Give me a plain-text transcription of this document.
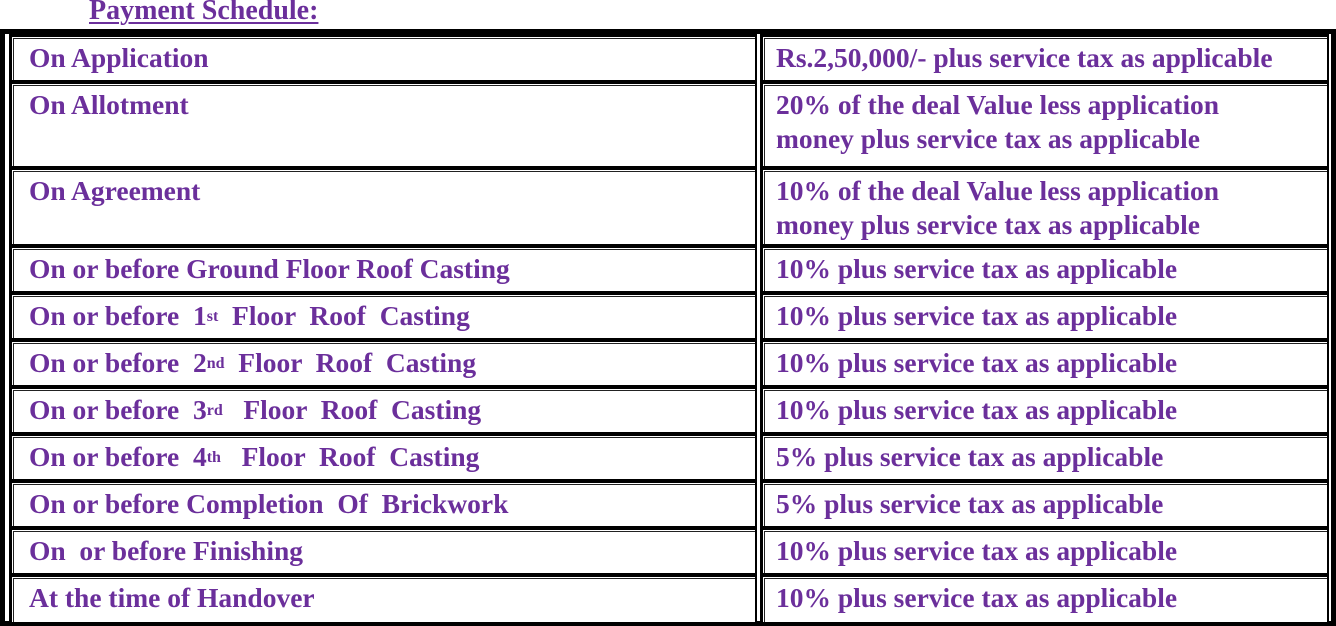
Payment Schedule:
On Application	Rs.2,50,000/- plus service tax as applicable
On Allotment	20% of the deal Value less application
money plus service tax as applicable
On Agreement	10% of the deal Value less application
money plus service tax as applicable
On or before Ground Floor Roof Casting	10% plus service tax as applicable
On or before  1st  Floor  Roof  Casting	10% plus service tax as applicable
On or before  2nd  Floor  Roof  Casting	10% plus service tax as applicable
On or before  3rd   Floor  Roof  Casting	10% plus service tax as applicable
On or before  4th   Floor  Roof  Casting	5% plus service tax as applicable
On or before Completion  Of  Brickwork	5% plus service tax as applicable
On  or before Finishing	10% plus service tax as applicable
At the time of Handover	10% plus service tax as applicable
